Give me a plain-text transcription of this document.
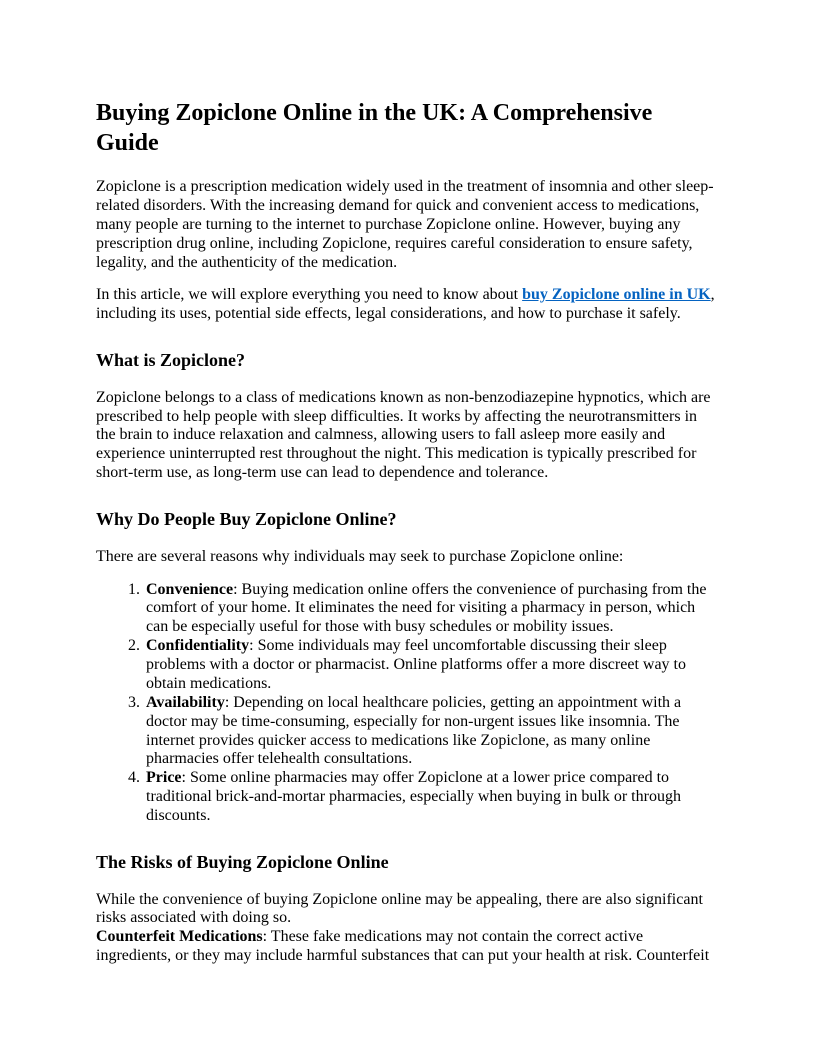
Buying Zopiclone Online in the UK: A Comprehensive Guide

Zopiclone is a prescription medication widely used in the treatment of insomnia and other sleep-related disorders. With the increasing demand for quick and convenient access to medications, many people are turning to the internet to purchase Zopiclone online. However, buying any prescription drug online, including Zopiclone, requires careful consideration to ensure safety, legality, and the authenticity of the medication.

In this article, we will explore everything you need to know about buy Zopiclone online in UK, including its uses, potential side effects, legal considerations, and how to purchase it safely.

What is Zopiclone?

Zopiclone belongs to a class of medications known as non-benzodiazepine hypnotics, which are prescribed to help people with sleep difficulties. It works by affecting the neurotransmitters in the brain to induce relaxation and calmness, allowing users to fall asleep more easily and experience uninterrupted rest throughout the night. This medication is typically prescribed for short-term use, as long-term use can lead to dependence and tolerance.

Why Do People Buy Zopiclone Online?

There are several reasons why individuals may seek to purchase Zopiclone online:

1. Convenience: Buying medication online offers the convenience of purchasing from the comfort of your home. It eliminates the need for visiting a pharmacy in person, which can be especially useful for those with busy schedules or mobility issues.
2. Confidentiality: Some individuals may feel uncomfortable discussing their sleep problems with a doctor or pharmacist. Online platforms offer a more discreet way to obtain medications.
3. Availability: Depending on local healthcare policies, getting an appointment with a doctor may be time-consuming, especially for non-urgent issues like insomnia. The internet provides quicker access to medications like Zopiclone, as many online pharmacies offer telehealth consultations.
4. Price: Some online pharmacies may offer Zopiclone at a lower price compared to traditional brick-and-mortar pharmacies, especially when buying in bulk or through discounts.
The Risks of Buying Zopiclone Online

While the convenience of buying Zopiclone online may be appealing, there are also significant risks associated with doing so.

Counterfeit Medications: These fake medications may not contain the correct active ingredients, or they may include harmful substances that can put your health at risk. Counterfeit
